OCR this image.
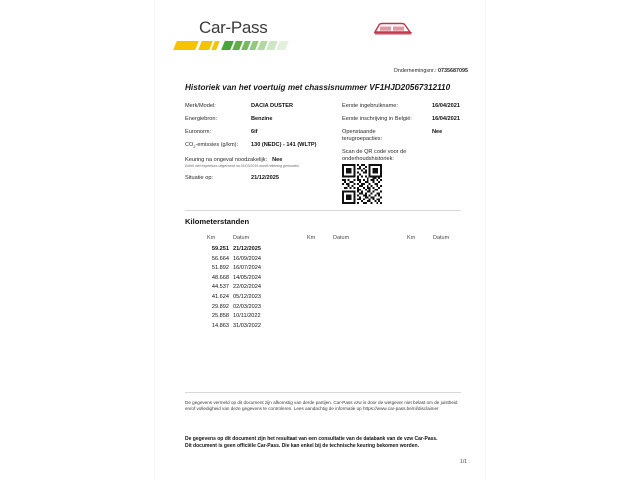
Car-Pass
Ondernemingsnr.: 0735687095
Historiek van het voertuig met chassisnummer VF1HJD20567312110
Merk/Model:	DACIA DUSTER
Energiebron:	Benzine
Euronorm:	6if
$CO_2$-emissies (g/km): 130 (NEDC) - 141 (WLTP)
Keuring na ongeval noodzakelijk: Nee
Enkel met expertises uitgevoerd na 01/03/2019 wordt rekening gehouden.
Situatie op:	21/12/2025
Eerste ingebruikname:	16/04/2021
Eerste inschrijving in België:	16/04/2021
Openstaande
terugroepacties:
Nee
Scan de QR code voor de
onderhoudshistoriek:
Kilometerstanden
Km	Datum	Km	Datum	Km	Datum
59.251 21/12/2025
56.664 16/09/2024
51.892 16/07/2024
48.668 14/05/2024
44.537 22/02/2024
41.624 05/12/2023
29.892 02/03/2023
25.858 10/11/2022
14.863 31/03/2022
De gegevens vermeld op dit document zijn afkomstig van derde partijen. Car-Pass vzw is door de wetgever niet belast om de juistheid en/of volledigheid van deze gegevens te controleren. Lees aandachtig de informatie op https://www.car-pass.be/nl/disclaimer
De gegevens op dit document zijn het resultaat van een consultatie van de databank van de vzw Car-Pass.
Dit document is geen officiële Car-Pass. Die kan enkel bij de technische keuring bekomen worden.
1/1
